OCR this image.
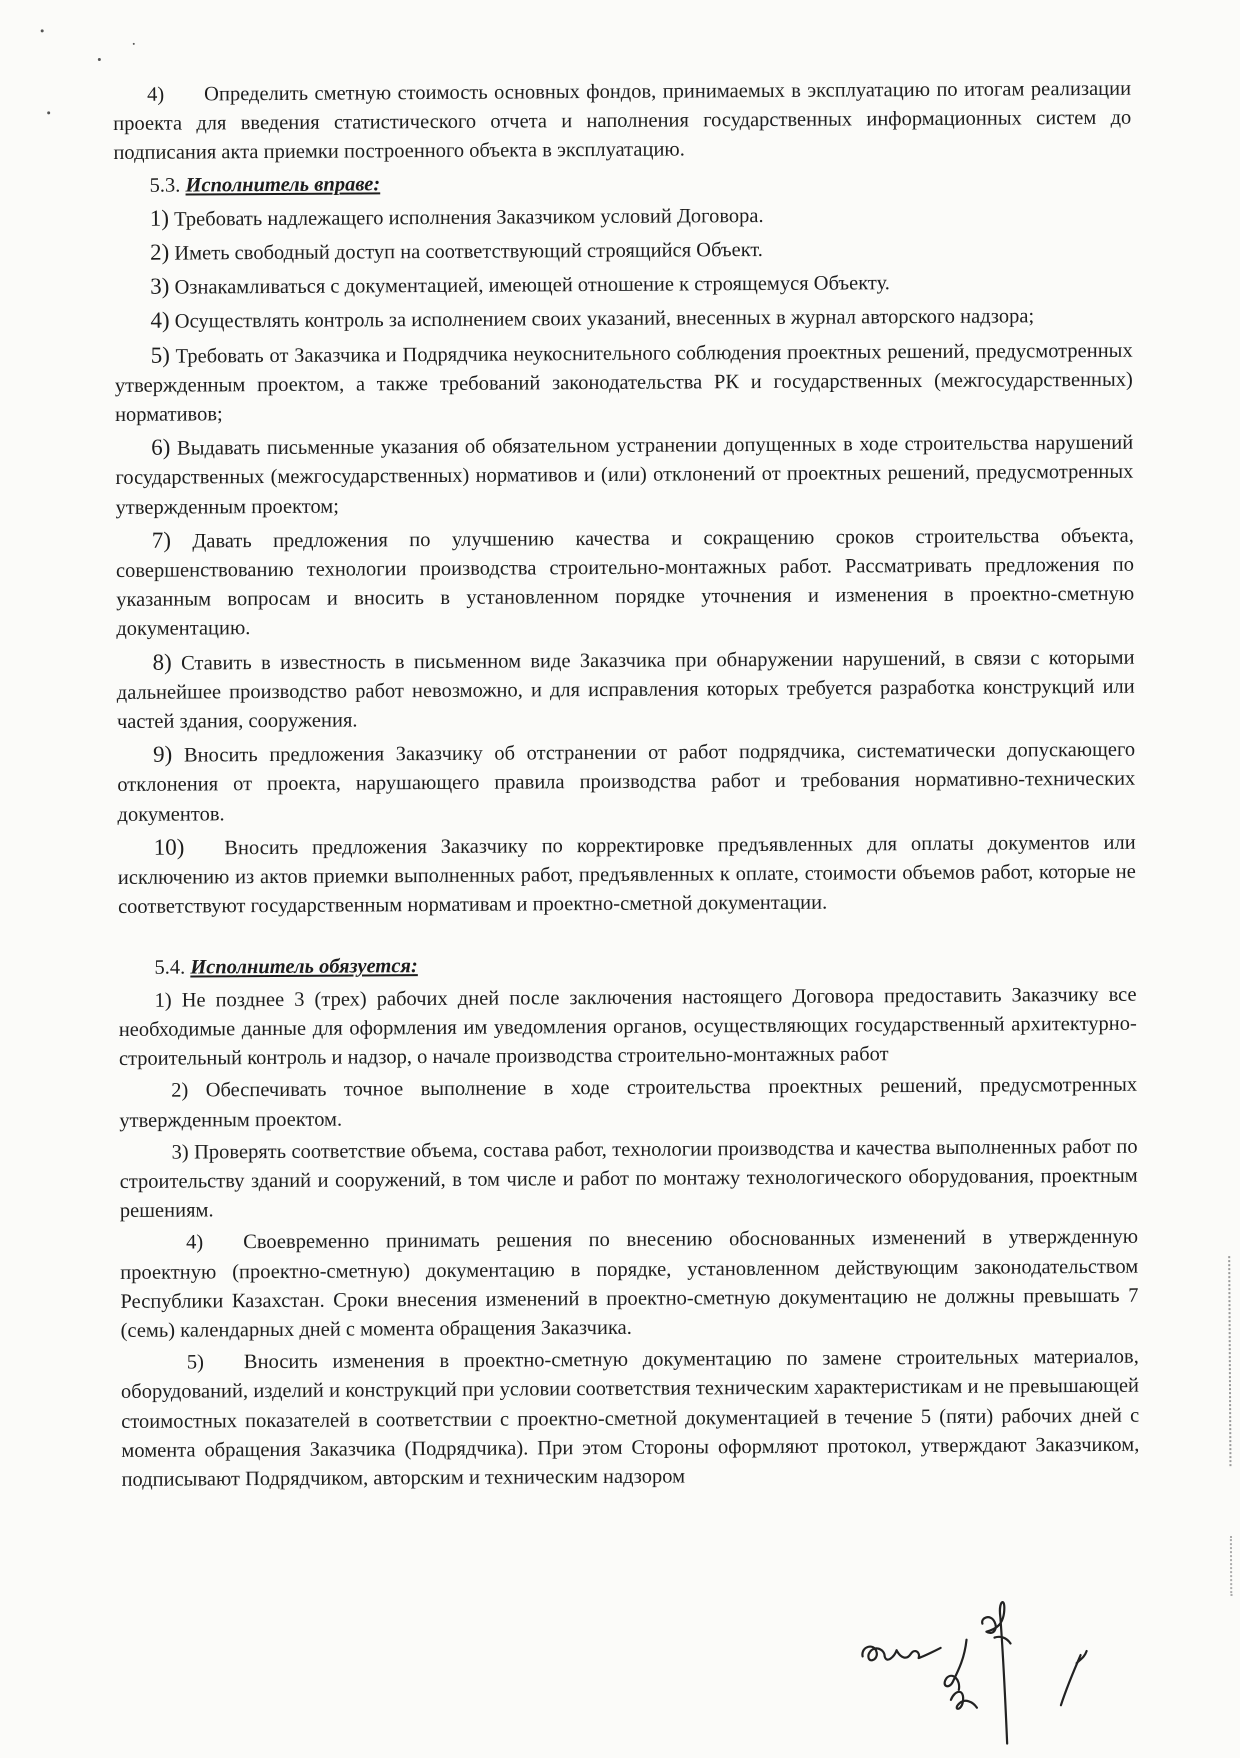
4) Определить сметную стоимость основных фондов, принимаемых в эксплуатацию по итогам реализации проекта для введения статистического отчета и наполнения государственных информационных систем до подписания акта приемки построенного объекта в эксплуатацию.

5.3. Исполнитель вправе:

1) Требовать надлежащего исполнения Заказчиком условий Договора.

2) Иметь свободный доступ на соответствующий строящийся Объект.

3) Ознакамливаться с документацией, имеющей отношение к строящемуся Объекту.

4) Осуществлять контроль за исполнением своих указаний, внесенных в журнал авторского надзора;

5) Требовать от Заказчика и Подрядчика неукоснительного соблюдения проектных решений, предусмотренных утвержденным проектом, а также требований законодательства РК и государственных (межгосударственных) нормативов;

6) Выдавать письменные указания об обязательном устранении допущенных в ходе строительства нарушений государственных (межгосударственных) нормативов и (или) отклонений от проектных решений, предусмотренных утвержденным проектом;

7) Давать предложения по улучшению качества и сокращению сроков строительства объекта, совершенствованию технологии производства строительно-монтажных работ. Рассматривать предложения по указанным вопросам и вносить в установленном порядке уточнения и изменения в проектно-сметную документацию.

8) Ставить в известность в письменном виде Заказчика при обнаружении нарушений, в связи с которыми дальнейшее производство работ невозможно, и для исправления которых требуется разработка конструкций или частей здания, сооружения.

9) Вносить предложения Заказчику об отстранении от работ подрядчика, систематически допускающего отклонения от проекта, нарушающего правила производства работ и требования нормативно-технических документов.

10) Вносить предложения Заказчику по корректировке предъявленных для оплаты документов или исключению из актов приемки выполненных работ, предъявленных к оплате, стоимости объемов работ, которые не соответствуют государственным нормативам и проектно-сметной документации.

5.4. Исполнитель обязуется:

1) Не позднее 3 (трех) рабочих дней после заключения настоящего Договора предоставить Заказчику все необходимые данные для оформления им уведомления органов, осуществляющих государственный архитектурно-строительный контроль и надзор, о начале производства строительно-монтажных работ

2) Обеспечивать точное выполнение в ходе строительства проектных решений, предусмотренных утвержденным проектом.

3) Проверять соответствие объема, состава работ, технологии производства и качества выполненных работ по строительству зданий и сооружений, в том числе и работ по монтажу технологического оборудования, проектным решениям.

4) Своевременно принимать решения по внесению обоснованных изменений в утвержденную проектную (проектно-сметную) документацию в порядке, установленном действующим законодательством Республики Казахстан. Сроки внесения изменений в проектно-сметную документацию не должны превышать 7 (семь) календарных дней с момента обращения Заказчика.

5) Вносить изменения в проектно-сметную документацию по замене строительных материалов, оборудований, изделий и конструкций при условии соответствия техническим характеристикам и не превышающей стоимостных показателей в соответствии с проектно-сметной документацией в течение 5 (пяти) рабочих дней с момента обращения Заказчика (Подрядчика). При этом Стороны оформляют протокол, утверждают Заказчиком, подписывают Подрядчиком, авторским и техническим надзором
